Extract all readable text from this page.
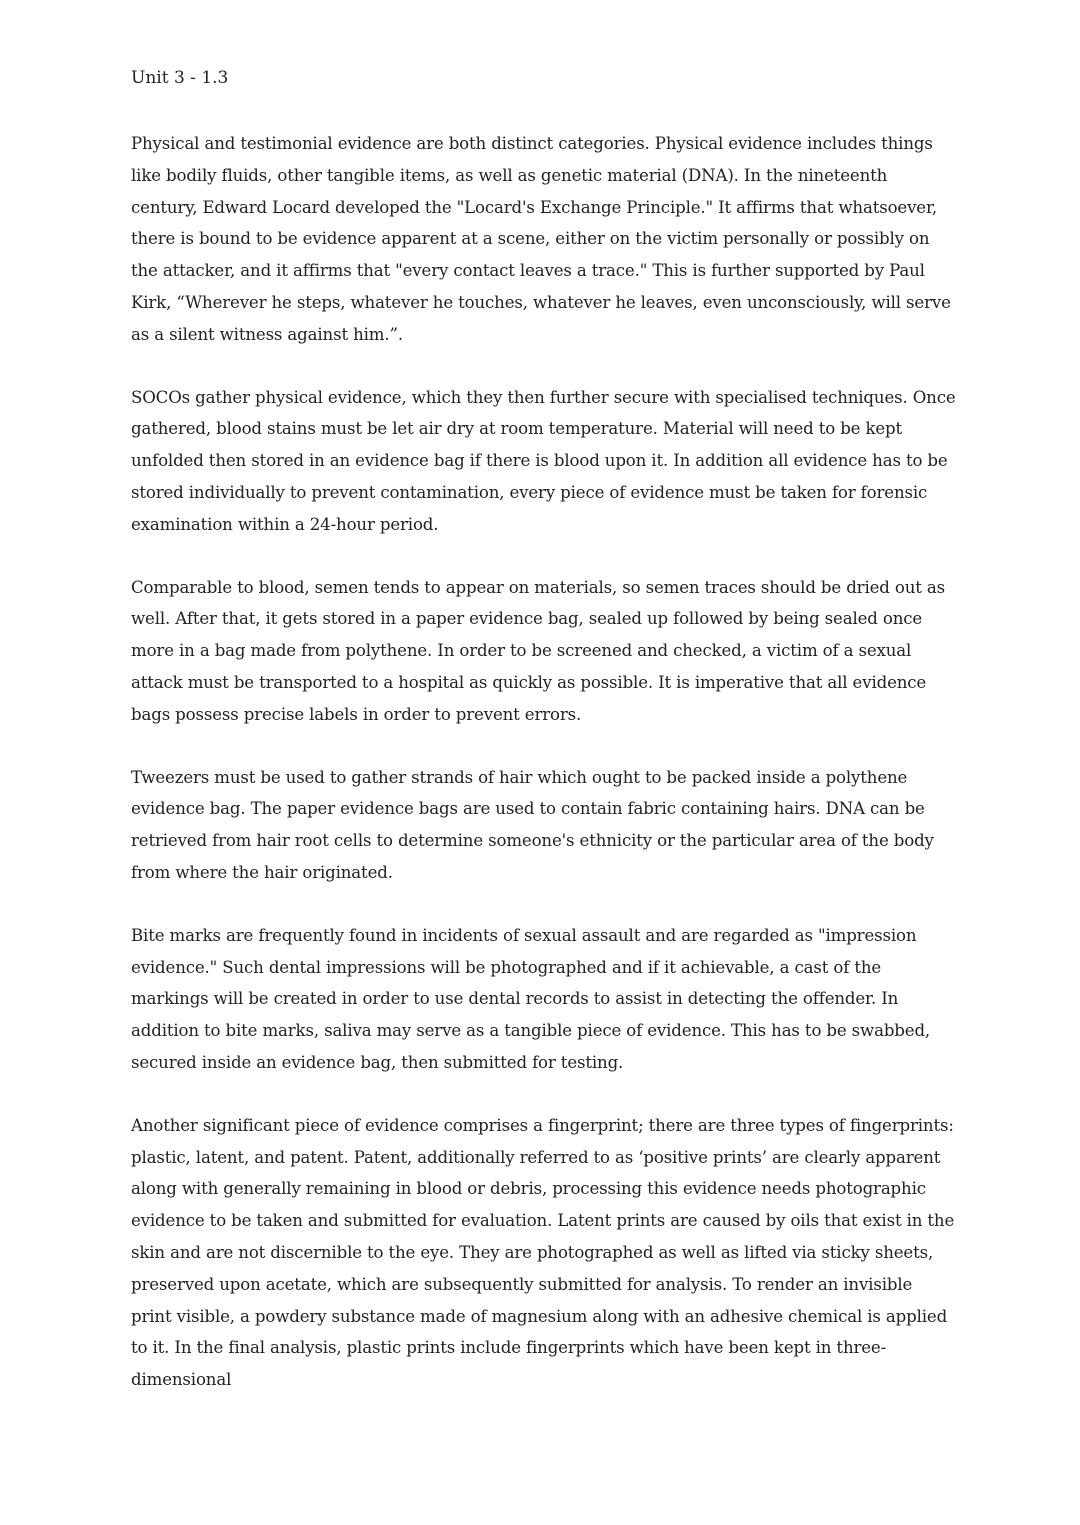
Unit 3 - 1.3

Physical and testimonial evidence are both distinct categories. Physical evidence includes things like bodily fluids, other tangible items, as well as genetic material (DNA). In the nineteenth century, Edward Locard developed the "Locard's Exchange Principle." It affirms that whatsoever, there is bound to be evidence apparent at a scene, either on the victim personally or possibly on the attacker, and it affirms that "every contact leaves a trace." This is further supported by Paul Kirk, “Wherever he steps, whatever he touches, whatever he leaves, even unconsciously, will serve as a silent witness against him.”.

SOCOs gather physical evidence, which they then further secure with specialised techniques. Once gathered, blood stains must be let air dry at room temperature. Material will need to be kept unfolded then stored in an evidence bag if there is blood upon it. In addition all evidence has to be stored individually to prevent contamination, every piece of evidence must be taken for forensic examination within a 24-hour period.

Comparable to blood, semen tends to appear on materials, so semen traces should be dried out as well. After that, it gets stored in a paper evidence bag, sealed up followed by being sealed once more in a bag made from polythene. In order to be screened and checked, a victim of a sexual attack must be transported to a hospital as quickly as possible. It is imperative that all evidence bags possess precise labels in order to prevent errors.

Tweezers must be used to gather strands of hair which ought to be packed inside a polythene evidence bag. The paper evidence bags are used to contain fabric containing hairs. DNA can be retrieved from hair root cells to determine someone's ethnicity or the particular area of the body from where the hair originated.

Bite marks are frequently found in incidents of sexual assault and are regarded as "impression evidence." Such dental impressions will be photographed and if it achievable, a cast of the markings will be created in order to use dental records to assist in detecting the offender. In addition to bite marks, saliva may serve as a tangible piece of evidence. This has to be swabbed, secured inside an evidence bag, then submitted for testing.

Another significant piece of evidence comprises a fingerprint; there are three types of fingerprints: plastic, latent, and patent. Patent, additionally referred to as ‘positive prints’ are clearly apparent along with generally remaining in blood or debris, processing this evidence needs photographic evidence to be taken and submitted for evaluation. Latent prints are caused by oils that exist in the skin and are not discernible to the eye. They are photographed as well as lifted via sticky sheets, preserved upon acetate, which are subsequently submitted for analysis. To render an invisible print visible, a powdery substance made of magnesium along with an adhesive chemical is applied to it. In the final analysis, plastic prints include fingerprints which have been kept in three-dimensional
